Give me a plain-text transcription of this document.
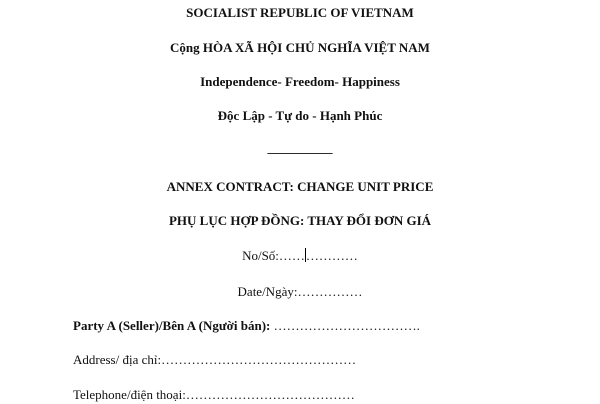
SOCIALIST REPUBLIC OF VIETNAM
Cộng HÒA XÃ HỘI CHỦ NGHĨA VIỆT NAM
Independence- Freedom- Happiness
Độc Lập - Tự do - Hạnh Phúc
__________
ANNEX CONTRACT: CHANGE UNIT PRICE
PHỤ LỤC HỢP ĐỒNG: THAY ĐỔI ĐƠN GIÁ
No/Số:………………
Date/Ngày:……………
Party A (Seller)/Bên A (Người bán): …………………………….
Address/ địa chỉ:………………………………………
Telephone/điện thoại:…………………………………
